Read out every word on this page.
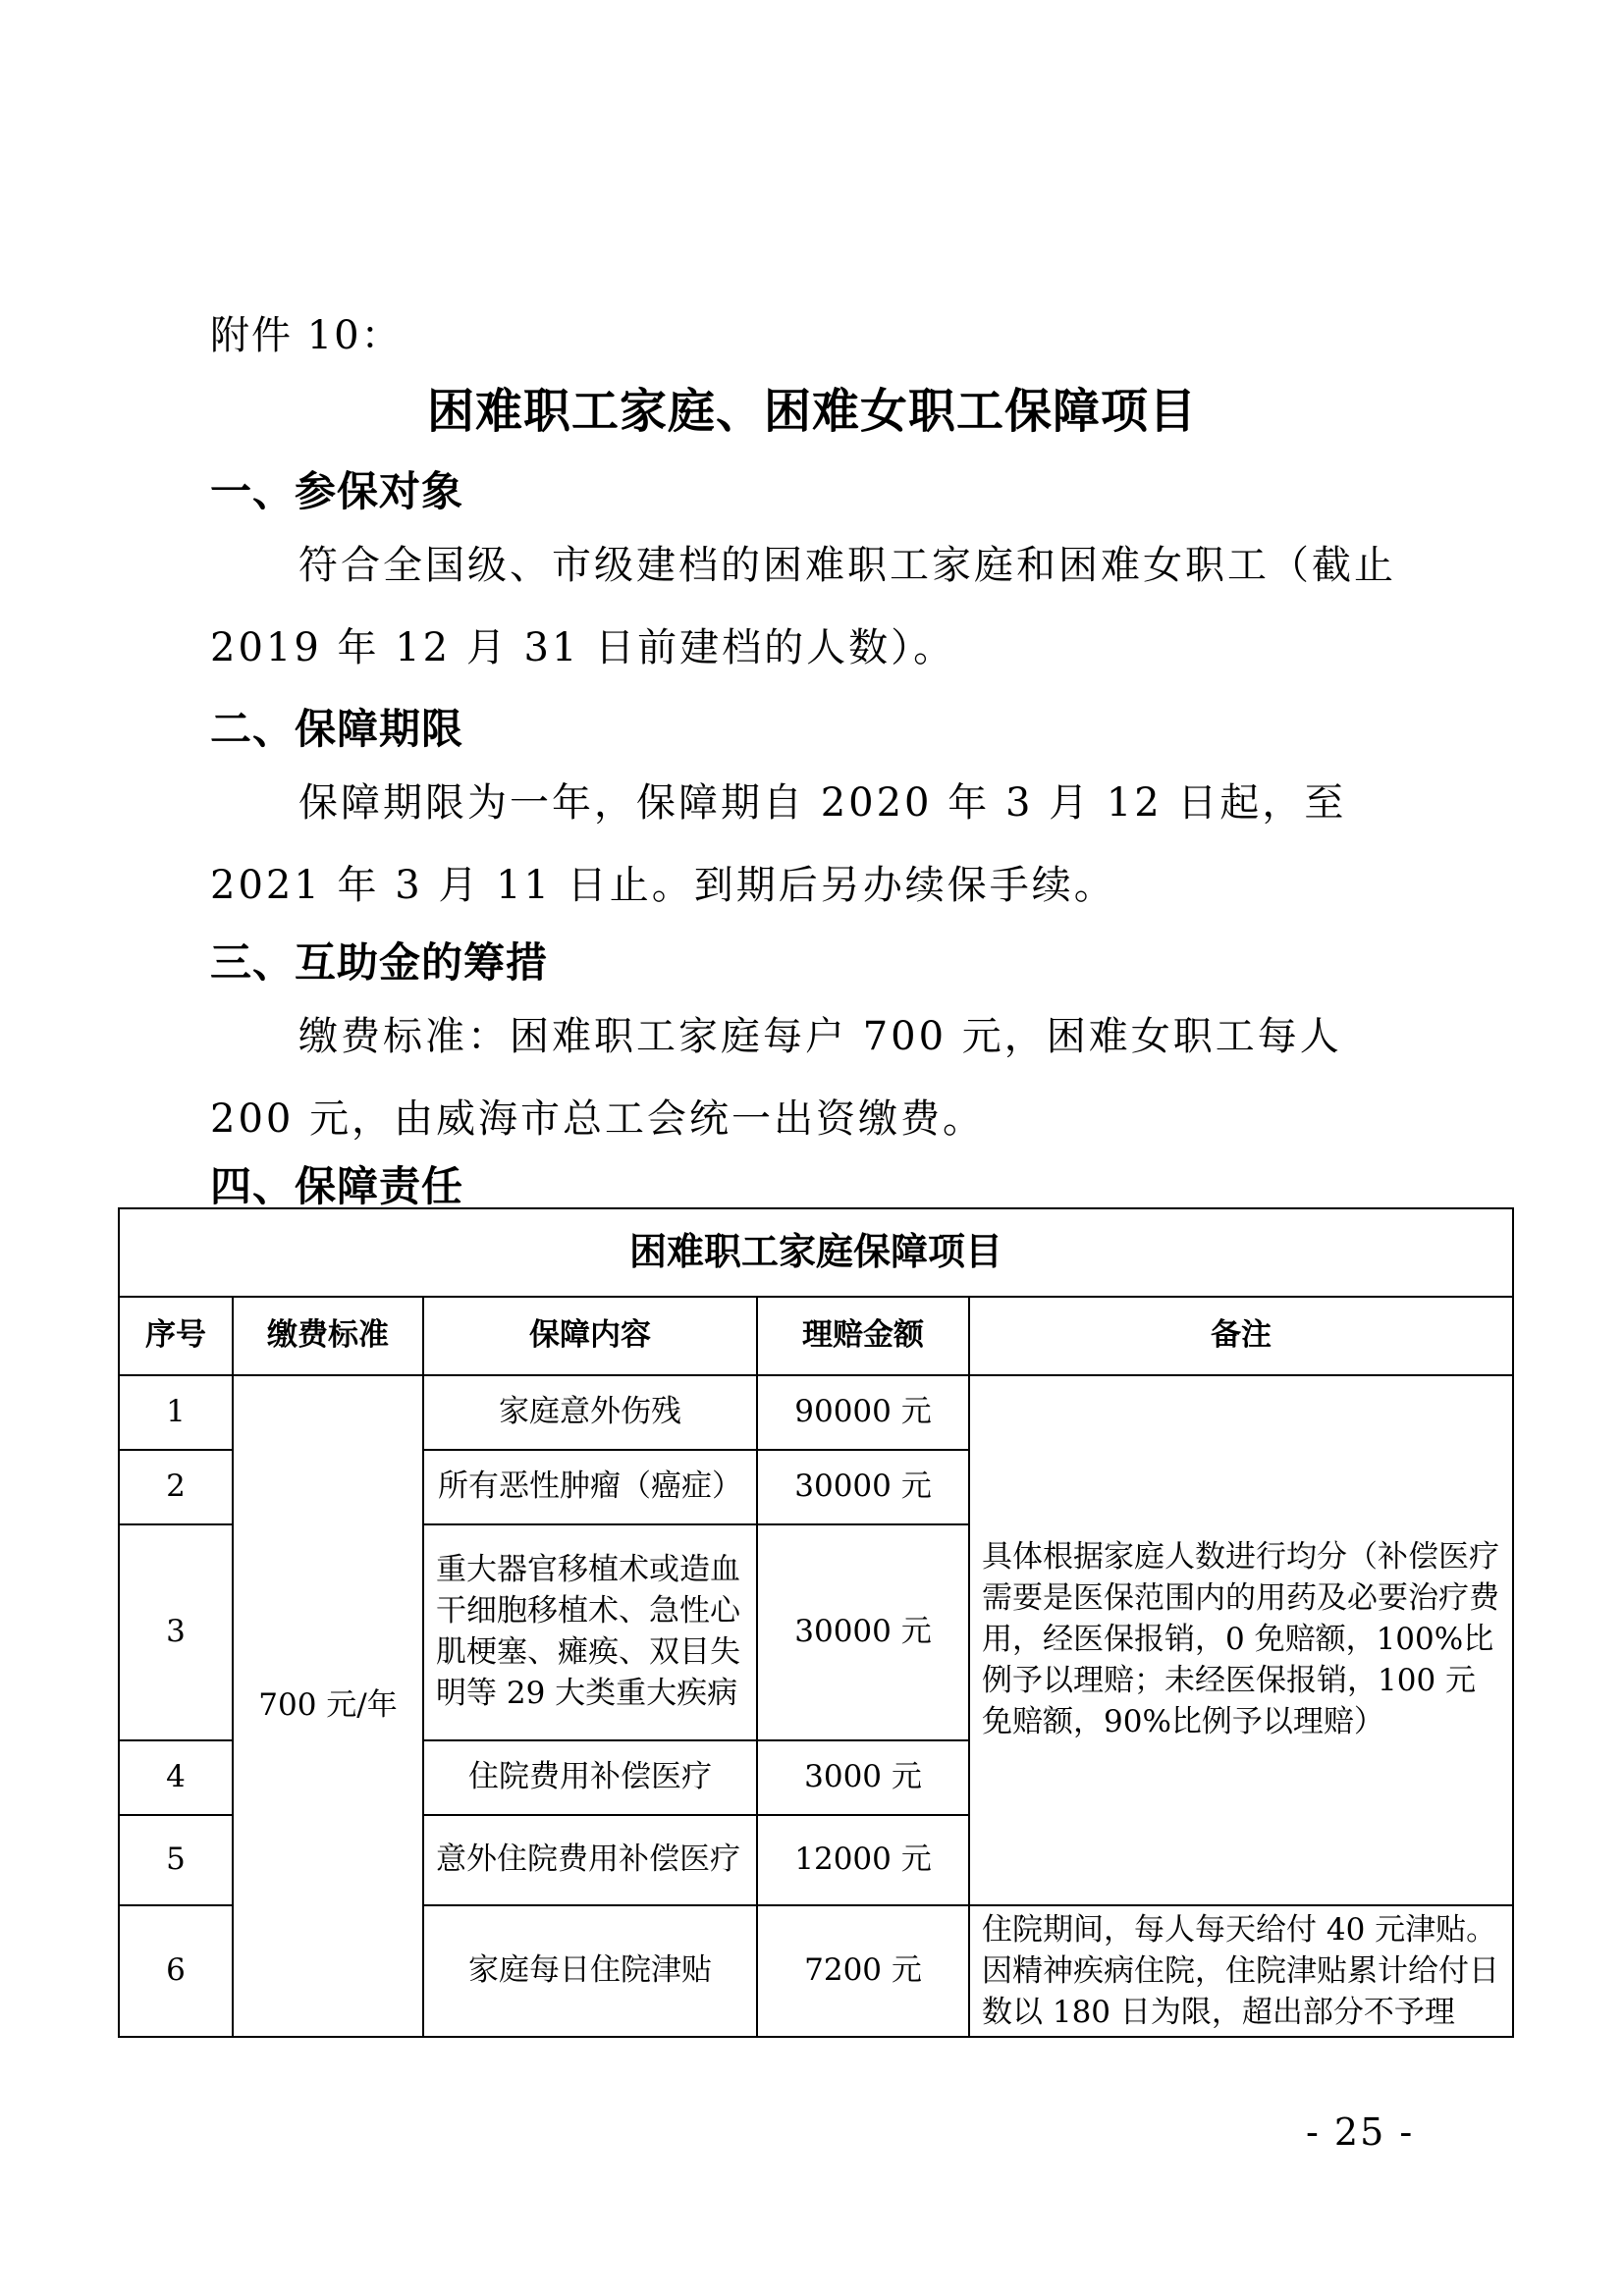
附件 10：
困难职工家庭、困难女职工保障项目
一、参保对象
符合全国级、市级建档的困难职工家庭和困难女职工（截止 2019 年 12 月 31 日前建档的人数）。
二、保障期限
保障期限为一年，保障期自 2020 年 3 月 12 日起，至 2021 年 3 月 11 日止。到期后另办续保手续。
三、互助金的筹措
缴费标准：困难职工家庭每户 700 元，困难女职工每人 200 元，由威海市总工会统一出资缴费。
四、保障责任
困难职工家庭保障项目				
序号	缴费标准	保障内容	理赔金额	备注
1	700 元/年	家庭意外伤残	90000 元	具体根据家庭人数进行均分（补偿医疗需要是医保范围内的用药及必要治疗费用，经医保报销，0 免赔额，100%比例予以理赔；未经医保报销，100 元免赔额，90%比例予以理赔）
2		所有恶性肿瘤（癌症）	30000 元	
3		重大器官移植术或造血干细胞移植术、急性心肌梗塞、瘫痪、双目失明等 29 大类重大疾病	30000 元	
4		住院费用补偿医疗	3000 元	
5		意外住院费用补偿医疗	12000 元	
6		家庭每日住院津贴	7200 元	住院期间，每人每天给付 40 元津贴。因精神疾病住院，住院津贴累计给付日数以 180 日为限，超出部分不予理
- 25 -
